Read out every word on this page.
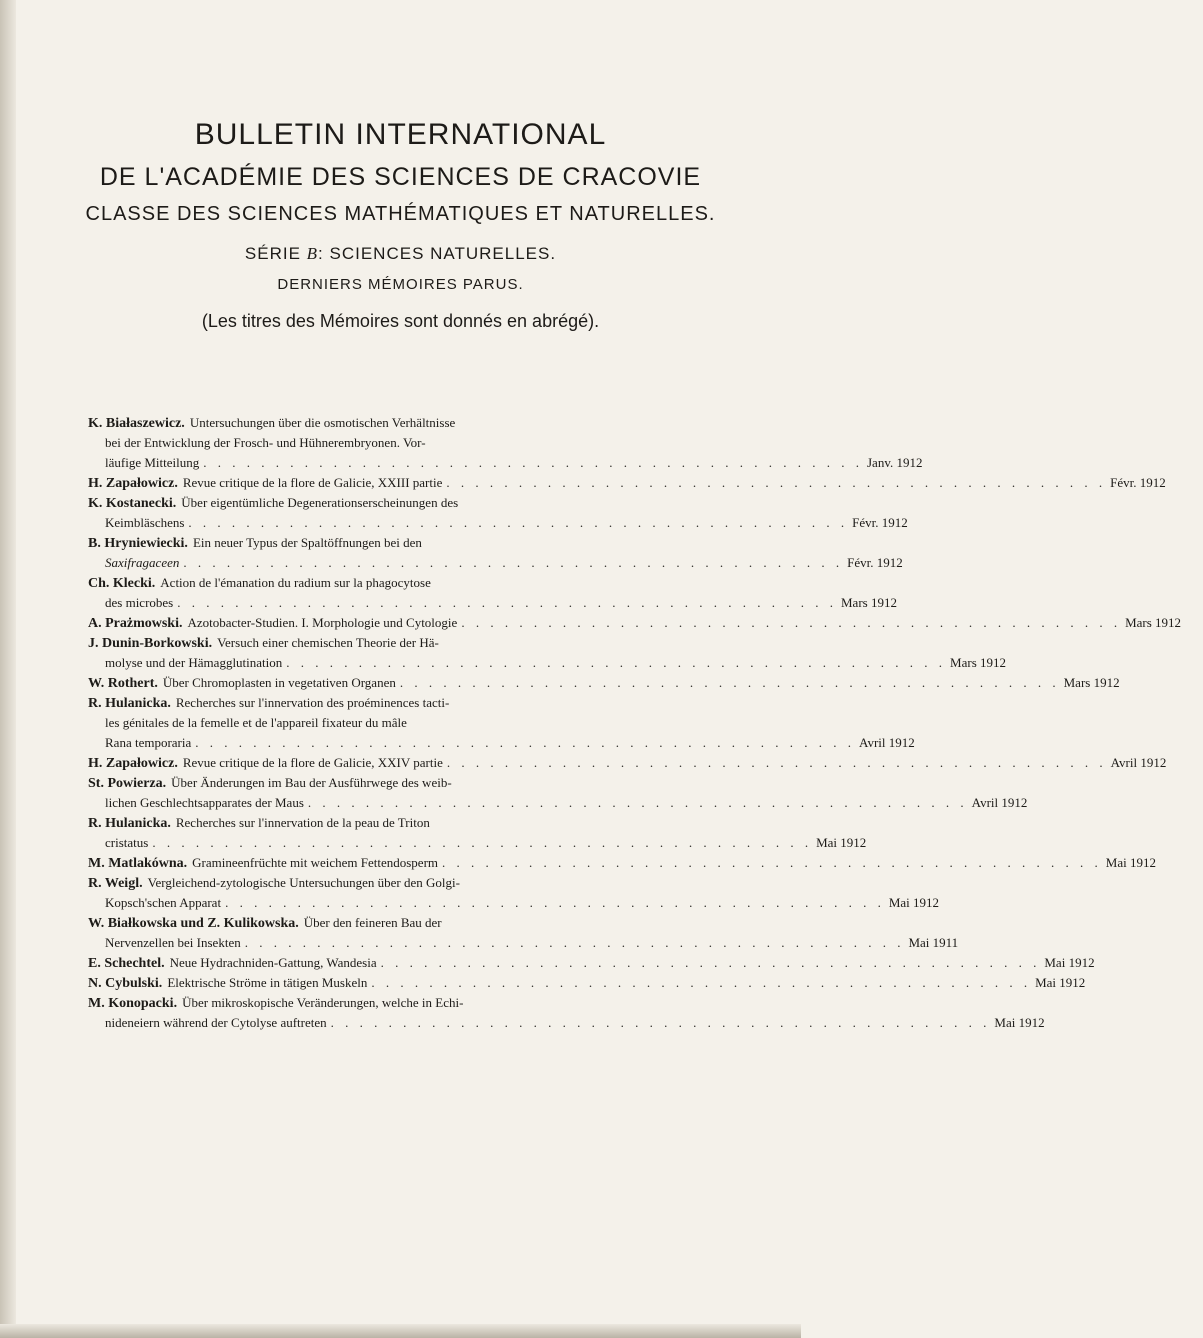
BULLETIN INTERNATIONAL
DE L'ACADÉMIE DES SCIENCES DE CRACOVIE
CLASSE DES SCIENCES MATHÉMATIQUES ET NATURELLES.
SÉRIE B: SCIENCES NATURELLES.
DERNIERS MÉMOIRES PARUS.
(Les titres des Mémoires sont donnés en abrégé).
K. Białaszewicz. Untersuchungen über die osmotischen Verhältnisse
bei der Entwicklung der Frosch- und Hühnerembryonen. Vor-
läufige Mitteilung . . . . . . . . . . . . . . . . . . . . . . . . . . . . . . . . . . . . . . . . . . . . . . Janv. 1912
H. Zapałowicz. Revue critique de la flore de Galicie, XXIII partie . . . . . . . . . . . . . . . . . . . . . . . . . . . . . . . . . . . . . . . . . . . . . . Févr. 1912
K. Kostanecki. Über eigentümliche Degenerationserscheinungen des
Keimbläschens . . . . . . . . . . . . . . . . . . . . . . . . . . . . . . . . . . . . . . . . . . . . . . Févr. 1912
B. Hryniewiecki. Ein neuer Typus der Spaltöffnungen bei den
Saxifragaceen . . . . . . . . . . . . . . . . . . . . . . . . . . . . . . . . . . . . . . . . . . . . . . Févr. 1912
Ch. Klecki. Action de l'émanation du radium sur la phagocytose
des microbes . . . . . . . . . . . . . . . . . . . . . . . . . . . . . . . . . . . . . . . . . . . . . . Mars 1912
A. Prażmowski. Azotobacter-Studien. I. Morphologie und Cytologie . . . . . . . . . . . . . . . . . . . . . . . . . . . . . . . . . . . . . . . . . . . . . . Mars 1912
J. Dunin-Borkowski. Versuch einer chemischen Theorie der Hä-
molyse und der Hämagglutination . . . . . . . . . . . . . . . . . . . . . . . . . . . . . . . . . . . . . . . . . . . . . . Mars 1912
W. Rothert. Über Chromoplasten in vegetativen Organen . . . . . . . . . . . . . . . . . . . . . . . . . . . . . . . . . . . . . . . . . . . . . . Mars 1912
R. Hulanicka. Recherches sur l'innervation des proéminences tacti-
les génitales de la femelle et de l'appareil fixateur du mâle
Rana temporaria . . . . . . . . . . . . . . . . . . . . . . . . . . . . . . . . . . . . . . . . . . . . . . Avril 1912
H. Zapałowicz. Revue critique de la flore de Galicie, XXIV partie . . . . . . . . . . . . . . . . . . . . . . . . . . . . . . . . . . . . . . . . . . . . . . Avril 1912
St. Powierza. Über Änderungen im Bau der Ausführwege des weib-
lichen Geschlechtsapparates der Maus . . . . . . . . . . . . . . . . . . . . . . . . . . . . . . . . . . . . . . . . . . . . . . Avril 1912
R. Hulanicka. Recherches sur l'innervation de la peau de Triton
cristatus . . . . . . . . . . . . . . . . . . . . . . . . . . . . . . . . . . . . . . . . . . . . . . Mai 1912
M. Matlakówna. Gramineenfrüchte mit weichem Fettendosperm . . . . . . . . . . . . . . . . . . . . . . . . . . . . . . . . . . . . . . . . . . . . . . Mai 1912
R. Weigl. Vergleichend-zytologische Untersuchungen über den Golgi-
Kopsch'schen Apparat . . . . . . . . . . . . . . . . . . . . . . . . . . . . . . . . . . . . . . . . . . . . . . Mai 1912
W. Białkowska und Z. Kulikowska. Über den feineren Bau der
Nervenzellen bei Insekten . . . . . . . . . . . . . . . . . . . . . . . . . . . . . . . . . . . . . . . . . . . . . . Mai 1911
E. Schechtel. Neue Hydrachniden-Gattung, Wandesia . . . . . . . . . . . . . . . . . . . . . . . . . . . . . . . . . . . . . . . . . . . . . . Mai 1912
N. Cybulski. Elektrische Ströme in tätigen Muskeln . . . . . . . . . . . . . . . . . . . . . . . . . . . . . . . . . . . . . . . . . . . . . . Mai 1912
M. Konopacki. Über mikroskopische Veränderungen, welche in Echi-
nideneiern während der Cytolyse auftreten . . . . . . . . . . . . . . . . . . . . . . . . . . . . . . . . . . . . . . . . . . . . . . Mai 1912
